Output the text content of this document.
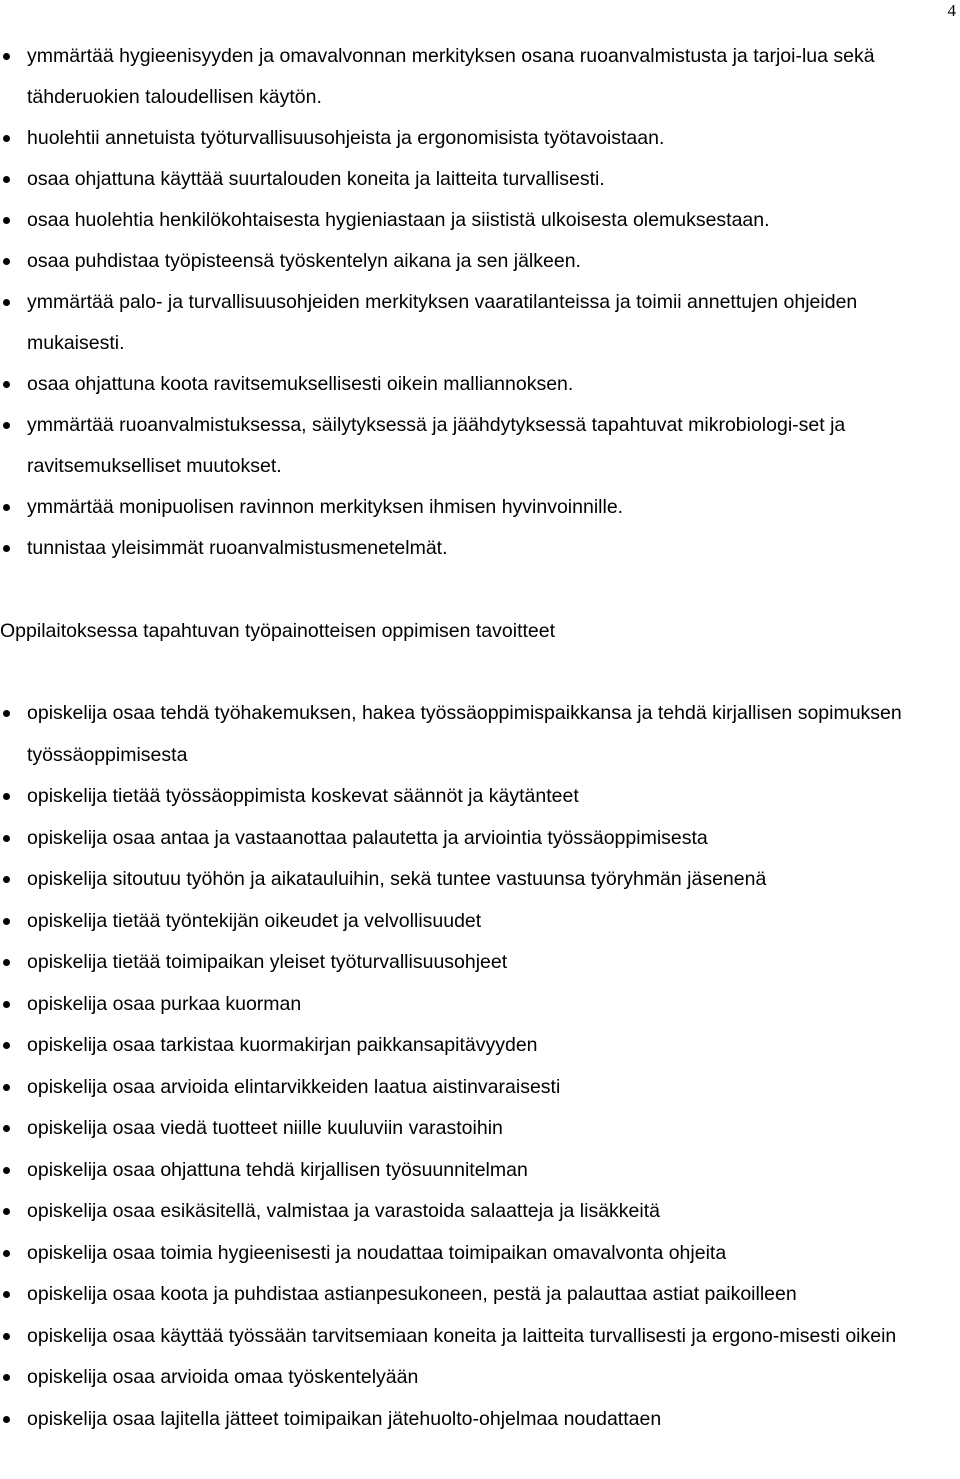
4
ymmärtää hygieenisyyden ja omavalvonnan merkityksen osana ruoanvalmistusta ja tarjoi-lua sekä tähderuokien taloudellisen käytön.
huolehtii annetuista työturvallisuusohjeista ja ergonomisista työtavoistaan.
osaa ohjattuna käyttää suurtalouden koneita ja laitteita turvallisesti.
osaa huolehtia henkilökohtaisesta hygieniastaan ja siististä ulkoisesta olemuksestaan.
osaa puhdistaa työpisteensä työskentelyn aikana ja sen jälkeen.
ymmärtää palo- ja turvallisuusohjeiden merkityksen vaaratilanteissa ja toimii annettujen ohjeiden mukaisesti.
osaa ohjattuna koota ravitsemuksellisesti oikein malliannoksen.
ymmärtää ruoanvalmistuksessa, säilytyksessä ja jäähdytyksessä tapahtuvat mikrobiologi-set ja ravitsemukselliset muutokset.
ymmärtää monipuolisen ravinnon merkityksen ihmisen hyvinvoinnille.
tunnistaa yleisimmät ruoanvalmistusmenetelmät.
Oppilaitoksessa tapahtuvan työpainotteisen oppimisen tavoitteet
opiskelija osaa tehdä työhakemuksen, hakea työssäoppimispaikkansa ja tehdä kirjallisen sopimuksen työssäoppimisesta
opiskelija tietää työssäoppimista koskevat säännöt ja käytänteet
opiskelija osaa antaa ja vastaanottaa palautetta ja arviointia työssäoppimisesta
opiskelija sitoutuu työhön ja aikatauluihin, sekä tuntee vastuunsa työryhmän jäsenenä
opiskelija tietää työntekijän oikeudet ja velvollisuudet
opiskelija tietää toimipaikan yleiset työturvallisuusohjeet
opiskelija osaa purkaa kuorman
opiskelija osaa tarkistaa kuormakirjan paikkansapitävyyden
opiskelija osaa arvioida elintarvikkeiden laatua aistinvaraisesti
opiskelija osaa viedä tuotteet niille kuuluviin varastoihin
opiskelija osaa ohjattuna tehdä kirjallisen työsuunnitelman
opiskelija osaa esikäsitellä, valmistaa ja varastoida salaatteja ja lisäkkeitä
opiskelija osaa toimia hygieenisesti ja noudattaa toimipaikan omavalvonta ohjeita
opiskelija osaa koota ja puhdistaa astianpesukoneen, pestä ja palauttaa astiat paikoilleen
opiskelija osaa käyttää työssään tarvitsemiaan koneita ja laitteita turvallisesti ja ergono-misesti oikein
opiskelija osaa arvioida omaa työskentelyään
opiskelija osaa lajitella jätteet toimipaikan jätehuolto-ohjelmaa noudattaen
